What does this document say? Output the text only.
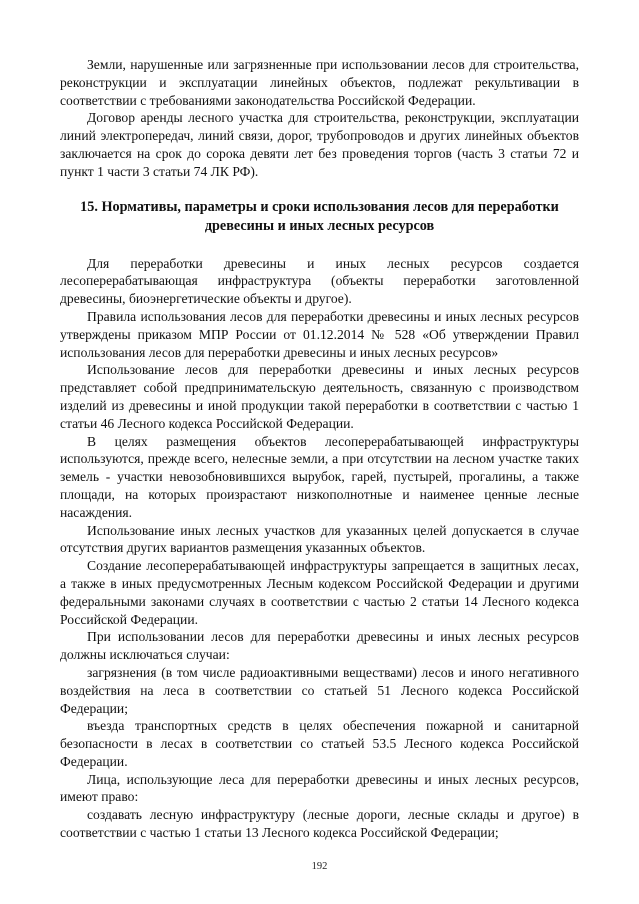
Земли, нарушенные или загрязненные при использовании лесов для строительства, реконструкции и эксплуатации линейных объектов, подлежат рекультивации в соответствии с требованиями законодательства Российской Федерации.

Договор аренды лесного участка для строительства, реконструкции, эксплуатации линий электропередач, линий связи, дорог, трубопроводов и других линейных объектов заключается на срок до сорока девяти лет без проведения торгов (часть 3 статьи 72 и пункт 1 части 3 статьи 74 ЛК РФ).

15. Нормативы, параметры и сроки использования лесов для переработки древесины и иных лесных ресурсов

Для переработки древесины и иных лесных ресурсов создается лесоперерабатывающая инфраструктура (объекты переработки заготовленной древесины, биоэнергетические объекты и другое).

Правила использования лесов для переработки древесины и иных лесных ресурсов утверждены приказом МПР России от 01.12.2014 № 528 «Об утверждении Правил использования лесов для переработки древесины и иных лесных ресурсов»

Использование лесов для переработки древесины и иных лесных ресурсов представляет собой предпринимательскую деятельность, связанную с производством изделий из древесины и иной продукции такой переработки в соответствии с частью 1 статьи 46 Лесного кодекса Российской Федерации.

В целях размещения объектов лесоперерабатывающей инфраструктуры используются, прежде всего, нелесные земли, а при отсутствии на лесном участке таких земель - участки невозобновившихся вырубок, гарей, пустырей, прогалины, а также площади, на которых произрастают низкополнотные и наименее ценные лесные насаждения.

Использование иных лесных участков для указанных целей допускается в случае отсутствия других вариантов размещения указанных объектов.

Создание лесоперерабатывающей инфраструктуры запрещается в защитных лесах, а также в иных предусмотренных Лесным кодексом Российской Федерации и другими федеральными законами случаях в соответствии с частью 2 статьи 14 Лесного кодекса Российской Федерации.

При использовании лесов для переработки древесины и иных лесных ресурсов должны исключаться случаи:

загрязнения (в том числе радиоактивными веществами) лесов и иного негативного воздействия на леса в соответствии со статьей 51 Лесного кодекса Российской Федерации;

въезда транспортных средств в целях обеспечения пожарной и санитарной безопасности в лесах в соответствии со статьей 53.5 Лесного кодекса Российской Федерации.

Лица, использующие леса для переработки древесины и иных лесных ресурсов, имеют право:

создавать лесную инфраструктуру (лесные дороги, лесные склады и другое) в соответствии с частью 1 статьи 13 Лесного кодекса Российской Федерации;

192
